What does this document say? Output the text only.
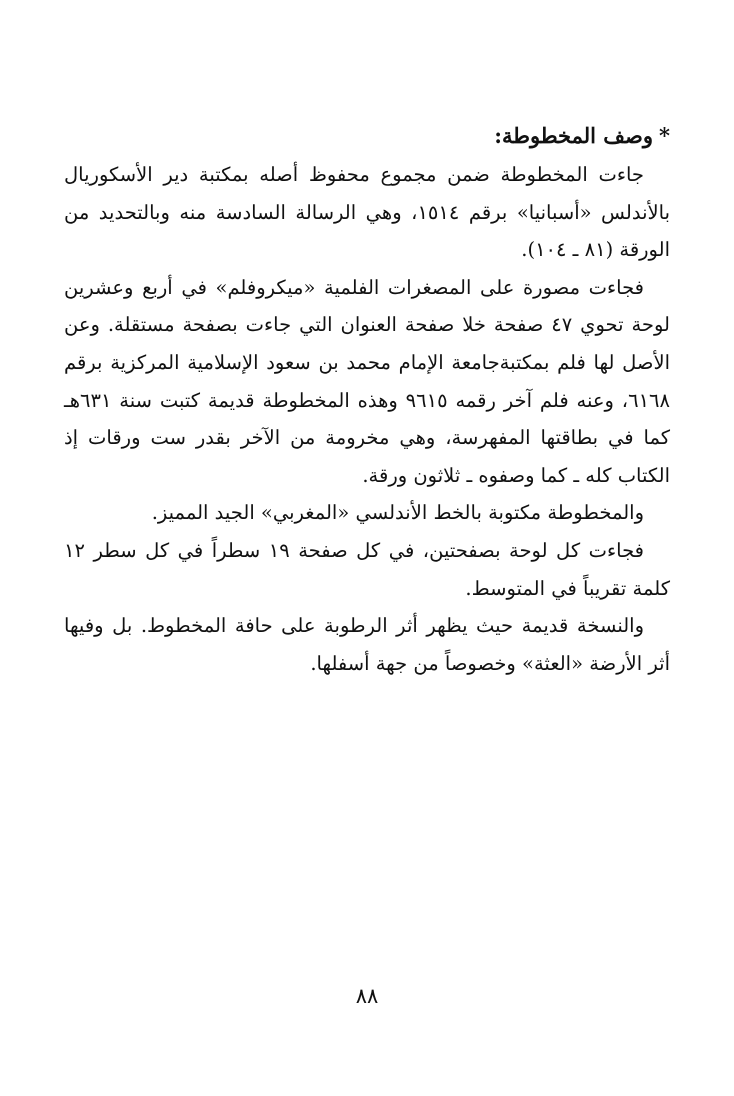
*وصف المخطوطة:

جاءت المخطوطة ضمن مجموع محفوظ أصله بمكتبة دير الأسكوريال بالأندلس «أسبانيا» برقم ١٥١٤، وهي الرسالة السادسة منه وبالتحديد من الورقة (٨١ ـ ١٠٤).

فجاءت مصورة على المصغرات الفلمية «ميكروفلم» في أربع وعشرين لوحة تحوي ٤٧ صفحة خلا صفحة العنوان التي جاءت بصفحة مستقلة. وعن الأصل لها فلم بمكتبةجامعة الإمام محمد بن سعود الإسلامية المركزية برقم ٦١٦٨، وعنه فلم آخر رقمه ٩٦١٥ وهذه المخطوطة قديمة كتبت سنة ٦٣١هـ كما في بطاقتها المفهرسة، وهي مخرومة من الآخر بقدر ست ورقات إذ الكتاب كله ـ كما وصفوه ـ ثلاثون ورقة.

والمخطوطة مكتوبة بالخط الأندلسي «المغربي» الجيد المميز.

فجاءت كل لوحة بصفحتين، في كل صفحة ١٩ سطراً في كل سطر ١٢ كلمة تقريباً في المتوسط.

والنسخة قديمة حيث يظهر أثر الرطوبة على حافة المخطوط. بل وفيها أثر الأرضة «العثة» وخصوصاً من جهة أسفلها.

٨٨
